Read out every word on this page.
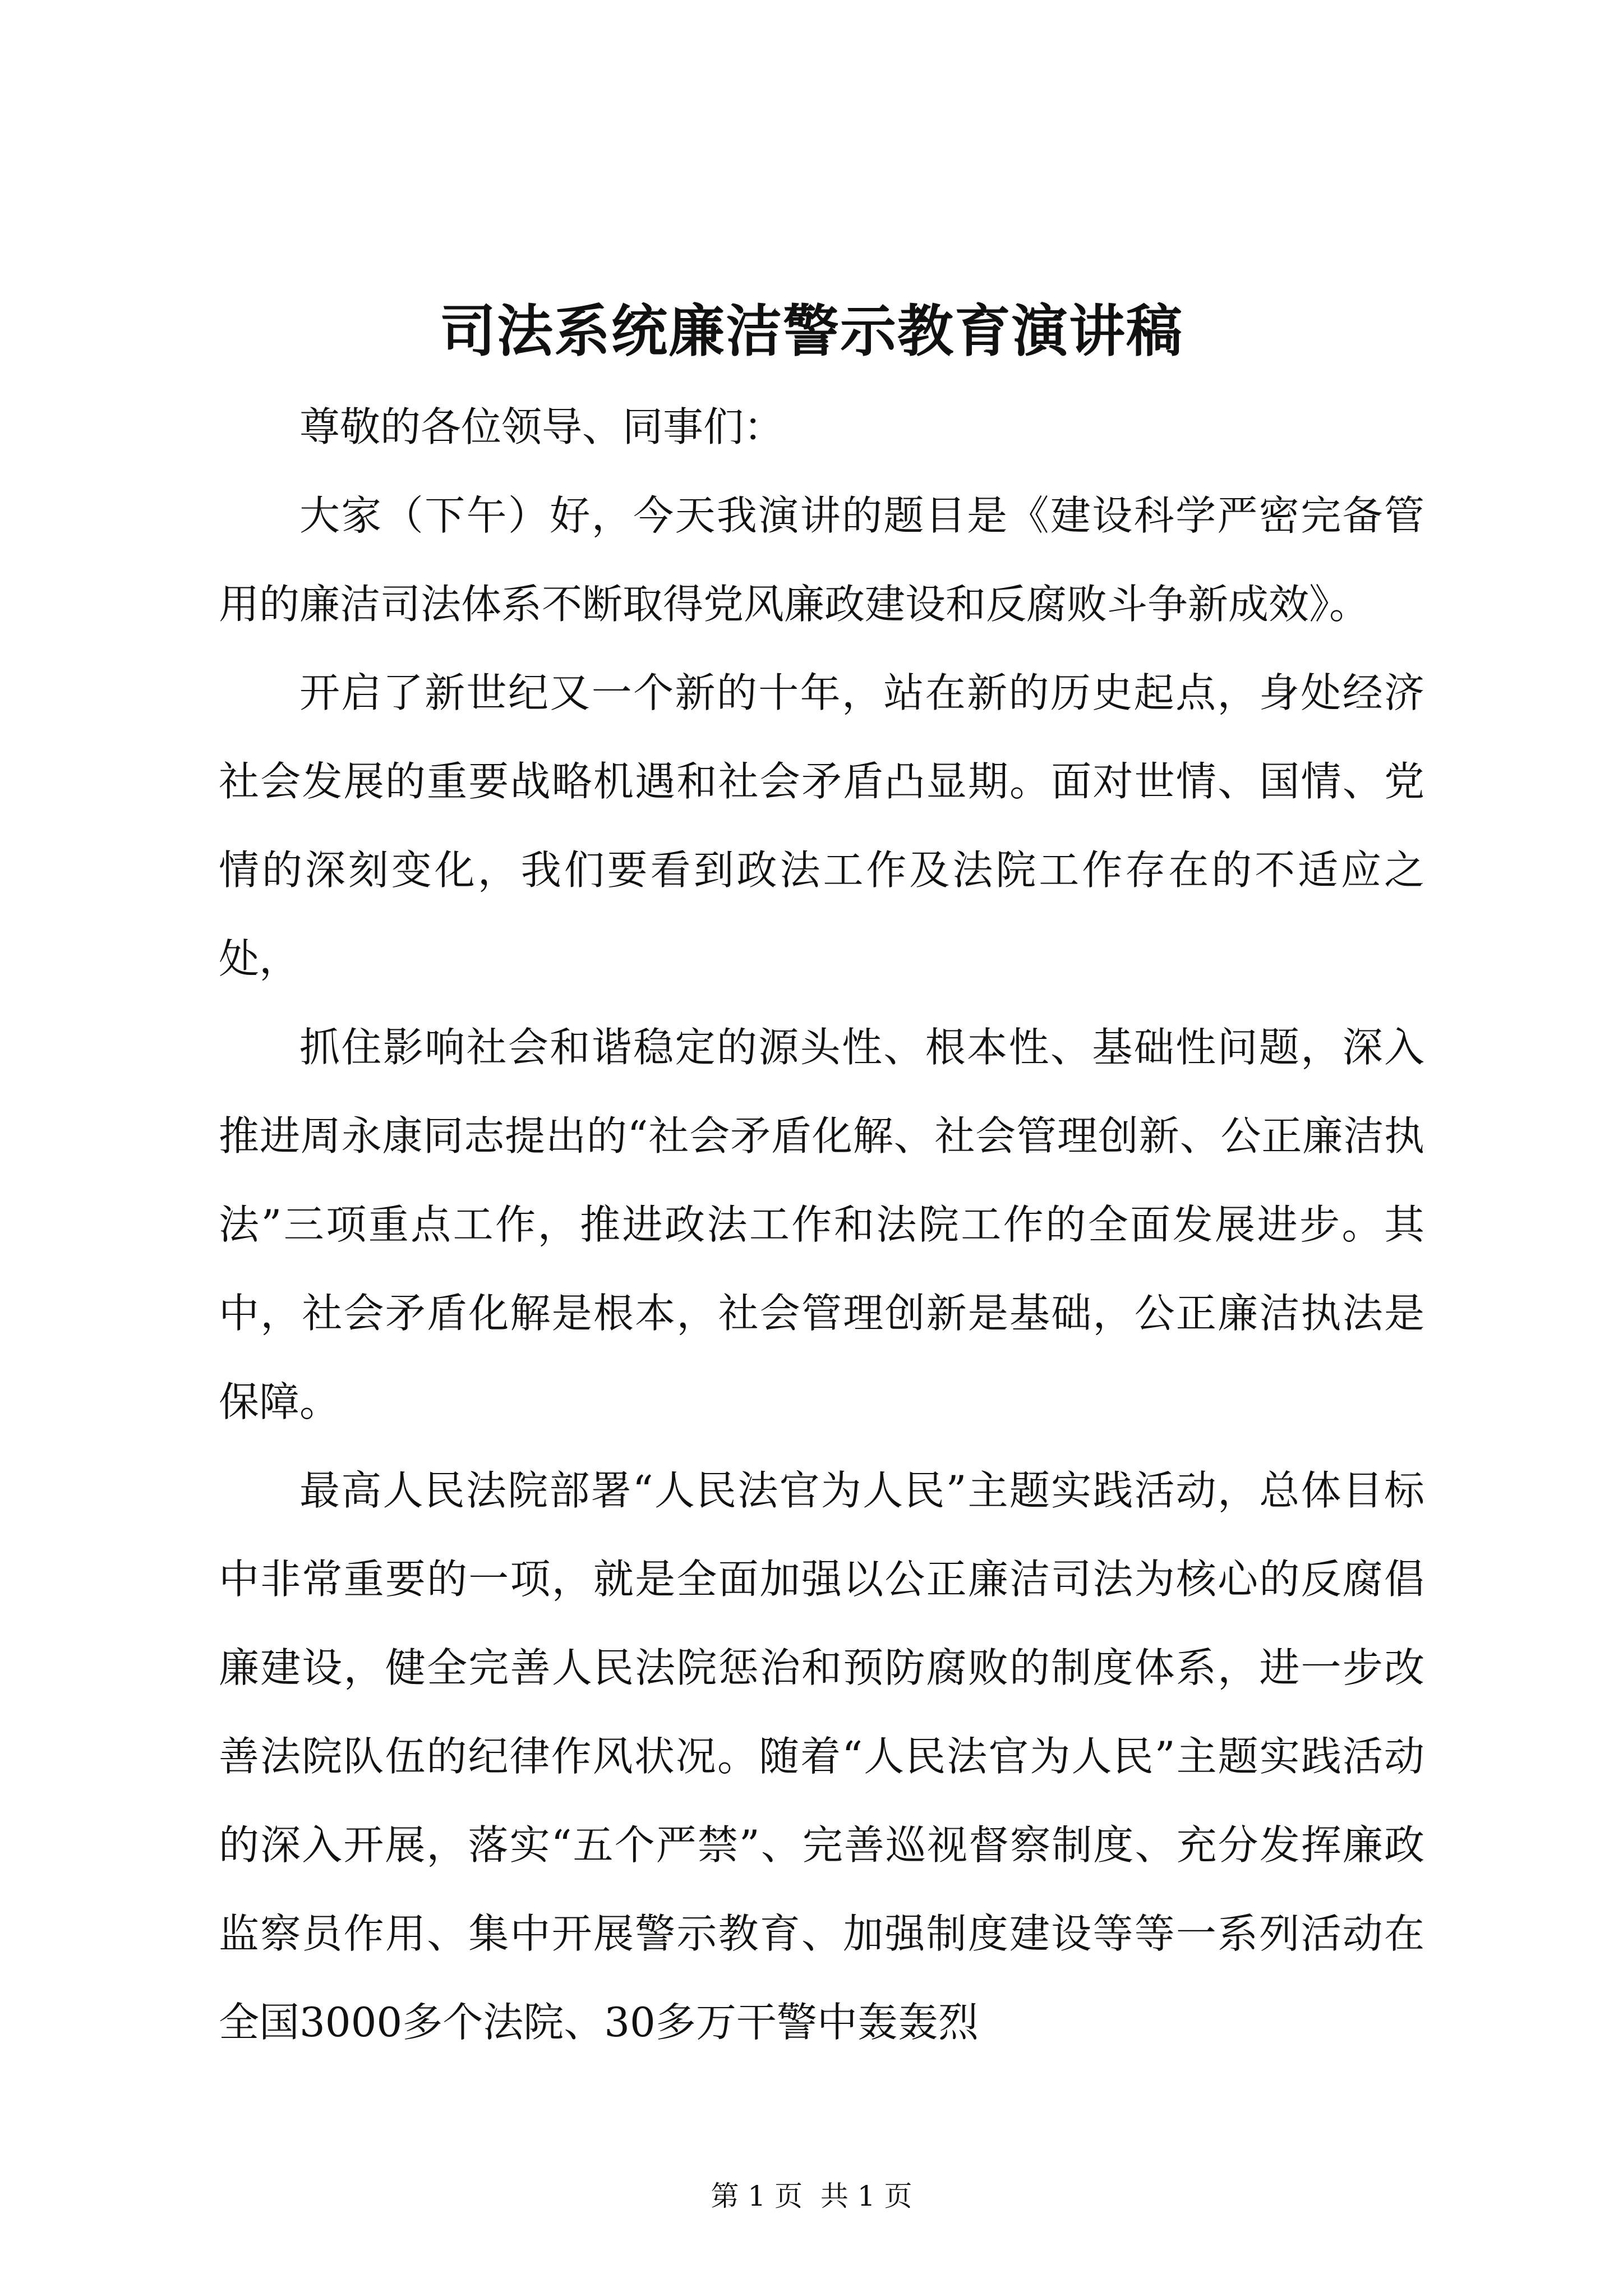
司法系统廉洁警示教育演讲稿

尊敬的各位领导、同事们：

大家（下午）好，今天我演讲的题目是《建设科学严密完备管用的廉洁司法体系不断取得党风廉政建设和反腐败斗争新成效》。

开启了新世纪又一个新的十年，站在新的历史起点，身处经济社会发展的重要战略机遇和社会矛盾凸显期。面对世情、国情、党情的深刻变化，我们要看到政法工作及法院工作存在的不适应之处，

抓住影响社会和谐稳定的源头性、根本性、基础性问题，深入推进周永康同志提出的“社会矛盾化解、社会管理创新、公正廉洁执法”三项重点工作，推进政法工作和法院工作的全面发展进步。其中，社会矛盾化解是根本，社会管理创新是基础，公正廉洁执法是保障。

最高人民法院部署“人民法官为人民”主题实践活动，总体目标中非常重要的一项，就是全面加强以公正廉洁司法为核心的反腐倡廉建设，健全完善人民法院惩治和预防腐败的制度体系，进一步改善法院队伍的纪律作风状况。随着“人民法官为人民”主题实践活动的深入开展，落实“五个严禁”、完善巡视督察制度、充分发挥廉政监察员作用、集中开展警示教育、加强制度建设等等一系列活动在全国3000多个法院、30多万干警中轰轰烈

第 1 页  共 1 页
